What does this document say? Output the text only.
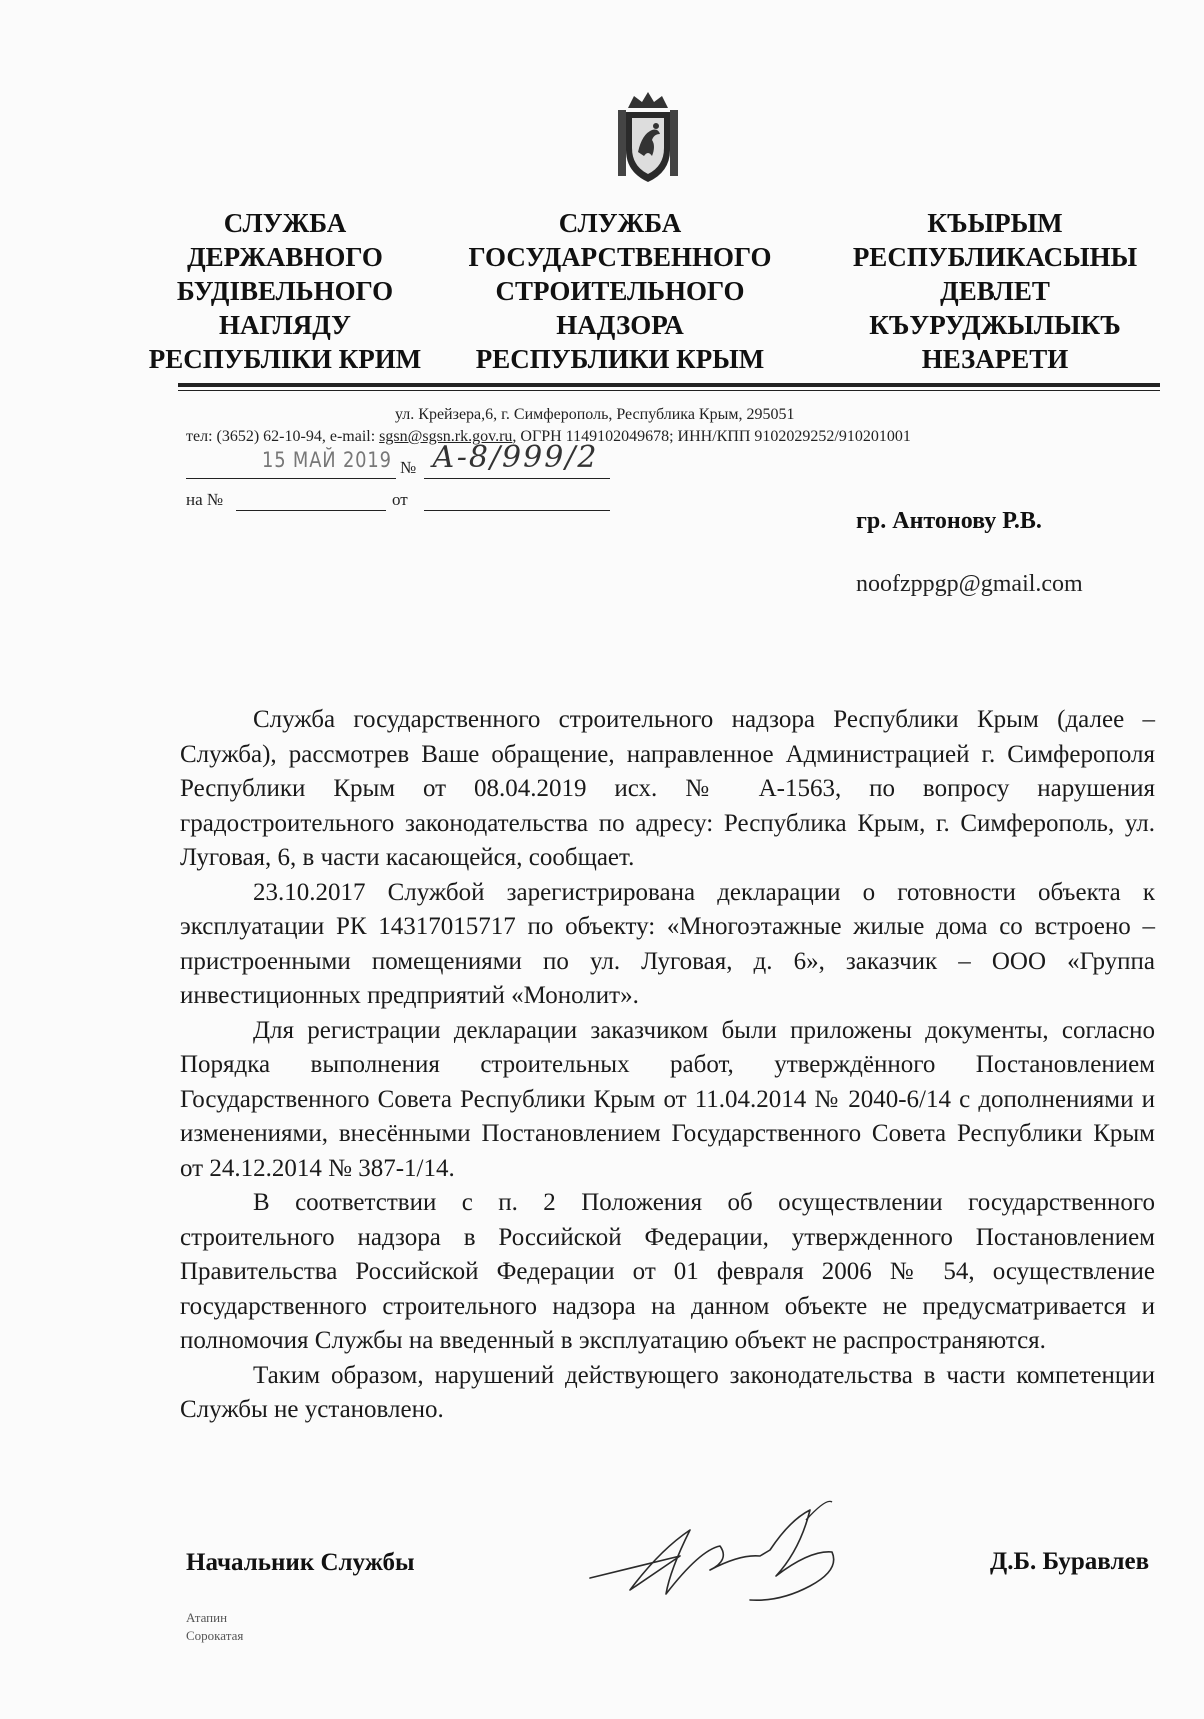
СЛУЖБА
ДЕРЖАВНОГО
БУДІВЕЛЬНОГО
НАГЛЯДУ
РЕСПУБЛІКИ КРИМ
СЛУЖБА
ГОСУДАРСТВЕННОГО
СТРОИТЕЛЬНОГО
НАДЗОРА
РЕСПУБЛИКИ КРЫМ
КЪЫРЫМ
РЕСПУБЛИКАСЫНЫ
ДЕВЛЕТ
КЪУРУДЖЫЛЫКЪ
НЕЗАРЕТИ
ул. Крейзера,6, г. Симферополь, Республика Крым, 295051
тел: (3652) 62-10-94, e-mail: sgsn@sgsn.rk.gov.ru, ОГРН 1149102049678; ИНН/КПП 9102029252/910201001
15 МАЙ 2019 № А-8/999/2
на №	от
гр. Антонову Р.В.
noofzppgp@gmail.com

Служба государственного строительного надзора Республики Крым (далее – Служба), рассмотрев Ваше обращение, направленное Администрацией г. Симферополя Республики Крым от 08.04.2019 исх. № А-1563, по вопросу нарушения градостроительного законодательства по адресу: Республика Крым, г. Симферополь, ул. Луговая, 6, в части касающейся, сообщает.

23.10.2017 Службой зарегистрирована декларации о готовности объекта к эксплуатации РК 14317015717 по объекту: «Многоэтажные жилые дома со встроено – пристроенными помещениями по ул. Луговая, д. 6», заказчик – ООО «Группа инвестиционных предприятий «Монолит».

Для регистрации декларации заказчиком были приложены документы, согласно Порядка выполнения строительных работ, утверждённого Постановлением Государственного Совета Республики Крым от 11.04.2014 № 2040-6/14 с дополнениями и изменениями, внесёнными Постановлением Государственного Совета Республики Крым от 24.12.2014 № 387-1/14.

В соответствии с п. 2 Положения об осуществлении государственного строительного надзора в Российской Федерации, утвержденного Постановлением Правительства Российской Федерации от 01 февраля 2006 № 54, осуществление государственного строительного надзора на данном объекте не предусматривается и полномочия Службы на введенный в эксплуатацию объект не распространяются.

Таким образом, нарушений действующего законодательства в части компетенции Службы не установлено.

Начальник Службы	Д.Б. Буравлев
Атапин
Сорокатая
